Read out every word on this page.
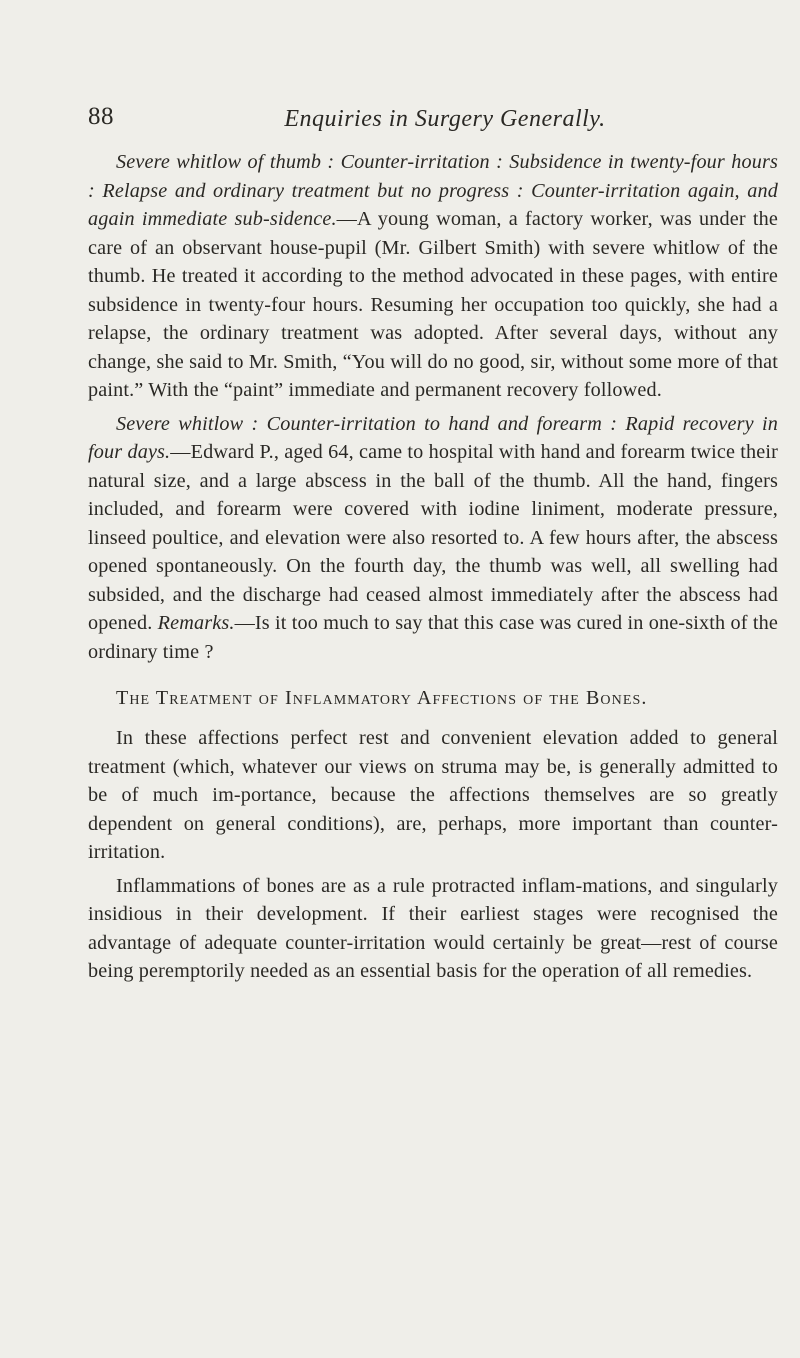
88	Enquiries in Surgery Generally.

Severe whitlow of thumb : Counter-irritation : Subsidence in twenty-four hours : Relapse and ordinary treatment but no progress : Counter-irritation again, and again immediate sub-sidence.—A young woman, a factory worker, was under the care of an observant house-pupil (Mr. Gilbert Smith) with severe whitlow of the thumb. He treated it according to the method advocated in these pages, with entire subsidence in twenty-four hours. Resuming her occupation too quickly, she had a relapse, the ordinary treatment was adopted. After several days, without any change, she said to Mr. Smith, “You will do no good, sir, without some more of that paint.” With the “paint” immediate and permanent recovery followed.

Severe whitlow : Counter-irritation to hand and forearm : Rapid recovery in four days.—Edward P., aged 64, came to hospital with hand and forearm twice their natural size, and a large abscess in the ball of the thumb. All the hand, fingers included, and forearm were covered with iodine liniment, moderate pressure, linseed poultice, and elevation were also resorted to. A few hours after, the abscess opened spontaneously. On the fourth day, the thumb was well, all swelling had subsided, and the discharge had ceased almost immediately after the abscess had opened. Remarks.—Is it too much to say that this case was cured in one-sixth of the ordinary time ?

The Treatment of Inflammatory Affections of the Bones.

In these affections perfect rest and convenient elevation added to general treatment (which, whatever our views on struma may be, is generally admitted to be of much im-portance, because the affections themselves are so greatly dependent on general conditions), are, perhaps, more important than counter-irritation.

Inflammations of bones are as a rule protracted inflam-mations, and singularly insidious in their development. If their earliest stages were recognised the advantage of adequate counter-irritation would certainly be great—rest of course being peremptorily needed as an essential basis for the operation of all remedies.
